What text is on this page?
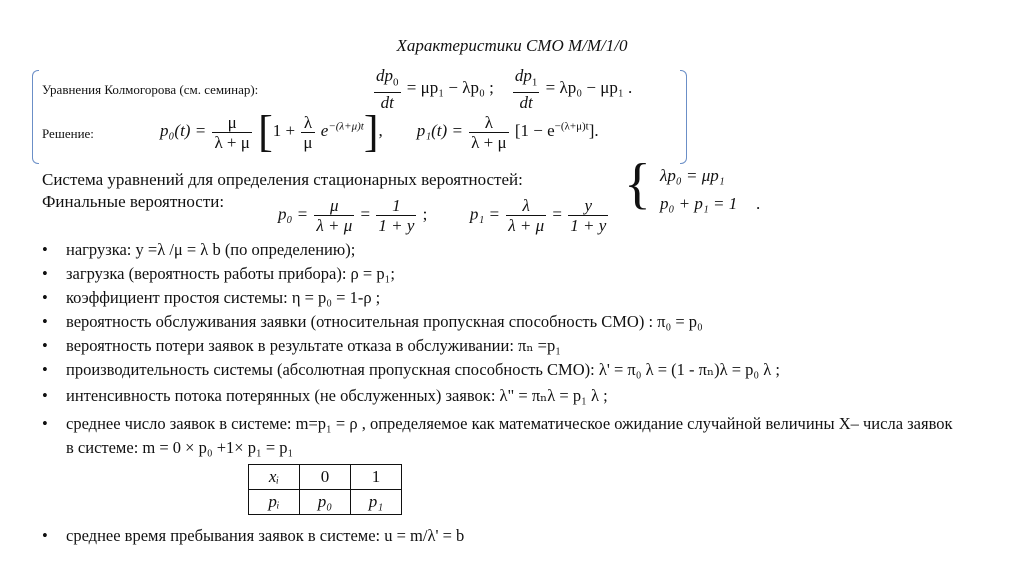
Характеристики СМО M/M/1/0
Уравнения Колмогорова (см. семинар):	$\frac{dp_0}{dt} = \mu p_1 - \lambda p_0$ ; $\frac{dp_1}{dt} = \lambda p_0 - \mu p_1$ .
Решение:	$p_0(t) = \frac{\mu}{\lambda + \mu} [1 + \frac{\lambda}{\mu} e^{-(\lambda+\mu)t}]$,        $p_1(t) = \frac{\lambda}{\lambda + \mu} [1 - e^{-(\lambda+\mu)t}]$.
Система уравнений для определения стационарных вероятностей:
Финальные вероятности:	{ λp₀ = μp₁
p₀ + p₁ = 1 .
$p_0 = \frac{\mu}{\lambda + \mu} = \frac{1}{1 + y}$ ;	$p_1 = \frac{\lambda}{\lambda + \mu} = \frac{y}{1 + y}$
• нагрузка: y =λ /μ = λ b (по определению);
• загрузка (вероятность работы прибора): ρ = p₁;
• коэффициент простоя системы: η = p₀ = 1-ρ ;
• вероятность обслуживания заявки (относительная пропускная способность СМО) : π₀ = p₀
• вероятность потери заявок в результате отказа в обслуживании: πₙ =p₁
• производительность системы (абсолютная пропускная способность СМО): λ' = π₀ λ = (1 - πₙ)λ = p₀ λ ;
• интенсивность потока потерянных (не обслуженных) заявок: λ" = πₙλ = p₁ λ ;
• среднее число заявок в системе: m=p₁ = ρ , определяемое как математическое ожидание случайной величины X– числа заявок в системе: m = 0 × p₀ +1× p₁ = p₁
xᵢ	0	1
pᵢ	p₀	p₁
• среднее время пребывания заявок в системе: u = m/λ' = b
